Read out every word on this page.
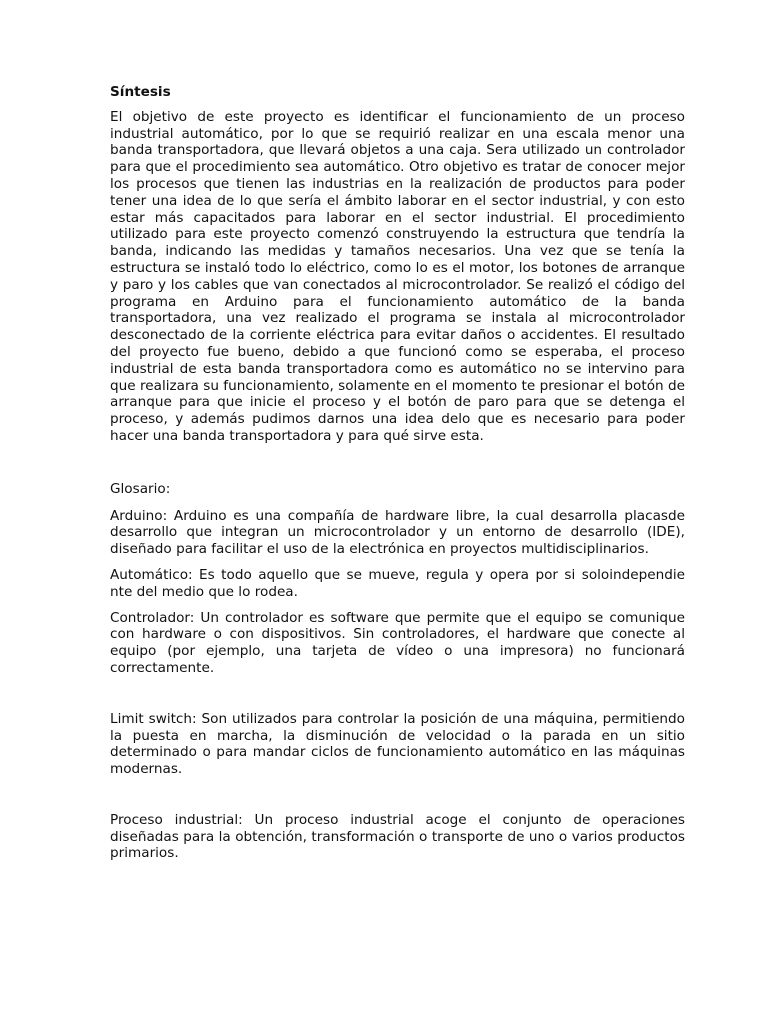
Síntesis

El objetivo de este proyecto es identificar el funcionamiento de un proceso industrial automático, por lo que se requirió realizar en una escala menor una banda transportadora, que llevará objetos a una caja. Sera utilizado un controlador para que el procedimiento sea automático. Otro objetivo es tratar de conocer mejor los procesos que tienen las industrias en la realización de productos para poder tener una idea de lo que sería el ámbito laborar en el sector industrial, y con esto estar más capacitados para laborar en el sector industrial. El procedimiento utilizado para este proyecto comenzó construyendo la estructura que tendría la banda, indicando las medidas y tamaños necesarios. Una vez que se tenía la estructura se instaló todo lo eléctrico, como lo es el motor, los botones de arranque y paro y los cables que van conectados al microcontrolador. Se realizó el código del programa en Arduino para el funcionamiento automático de la banda transportadora, una vez realizado el programa se instala al microcontrolador desconectado de la corriente eléctrica para evitar daños o accidentes. El resultado del proyecto fue bueno, debido a que funcionó como se esperaba, el proceso industrial de esta banda transportadora como es automático no se intervino para que realizara su funcionamiento, solamente en el momento te presionar el botón de arranque para que inicie el proceso y el botón de paro para que se detenga el proceso, y además pudimos darnos una idea delo que es necesario para poder hacer una banda transportadora y para qué sirve esta.

Glosario:

Arduino: Arduino es una compañía de hardware libre, la cual desarrolla placasde desarrollo que integran un microcontrolador y un entorno de desarrollo (IDE), diseñado para facilitar el uso de la electrónica en proyectos multidisciplinarios.

Automático: Es todo aquello que se mueve, regula y opera por si soloindependie nte del medio que lo rodea.

Controlador: Un controlador es software que permite que el equipo se comunique con hardware o con dispositivos. Sin controladores, el hardware que conecte al equipo (por ejemplo, una tarjeta de vídeo o una impresora) no funcionará correctamente.

Limit switch: Son utilizados para controlar la posición de una máquina, permitiendo la puesta en marcha, la disminución de velocidad o la parada en un sitio determinado o para mandar ciclos de funcionamiento automático en las máquinas modernas.

Proceso industrial: Un proceso industrial acoge el conjunto de operaciones diseñadas para la obtención, transformación o transporte de uno o varios productos primarios.
